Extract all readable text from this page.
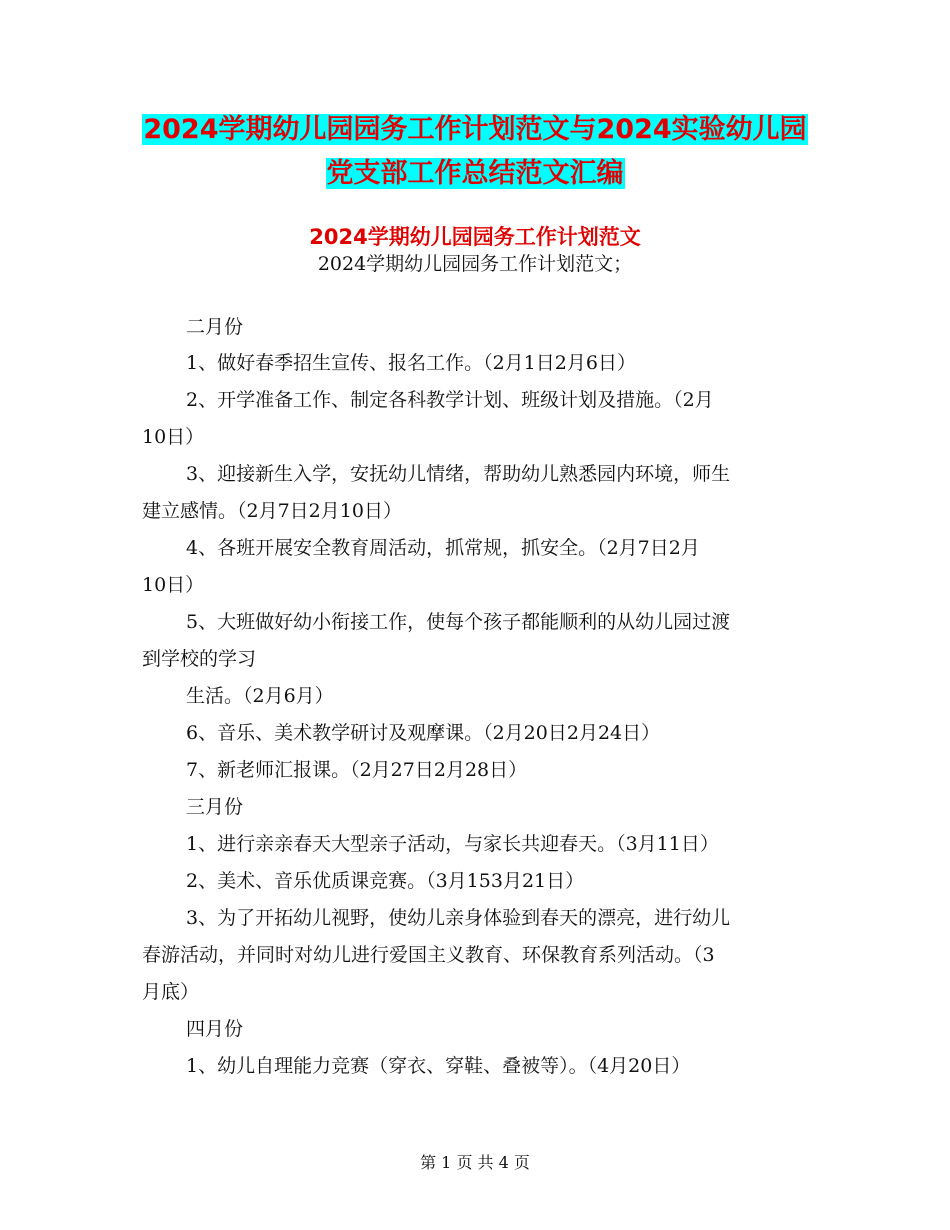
2024学期幼儿园园务工作计划范文与2024实验幼儿园
党支部工作总结范文汇编
2024学期幼儿园园务工作计划范文
2024学期幼儿园园务工作计划范文；
二月份
1、做好春季招生宣传、报名工作。（2月1日2月6日）
2、开学准备工作、制定各科教学计划、班级计划及措施。（2月
10日）
3、迎接新生入学，安抚幼儿情绪，帮助幼儿熟悉园内环境，师生
建立感情。（2月7日2月10日）
4、各班开展安全教育周活动，抓常规，抓安全。（2月7日2月
10日）
5、大班做好幼小衔接工作，使每个孩子都能顺利的从幼儿园过渡
到学校的学习
生活。（2月6月）
6、音乐、美术教学研讨及观摩课。（2月20日2月24日）
7、新老师汇报课。（2月27日2月28日）
三月份
1、进行亲亲春天大型亲子活动，与家长共迎春天。（3月11日）
2、美术、音乐优质课竞赛。（3月153月21日）
3、为了开拓幼儿视野，使幼儿亲身体验到春天的漂亮，进行幼儿
春游活动，并同时对幼儿进行爱国主义教育、环保教育系列活动。（3
月底）
四月份
1、幼儿自理能力竞赛（穿衣、穿鞋、叠被等）。（4月20日）
第 1 页 共 4 页
